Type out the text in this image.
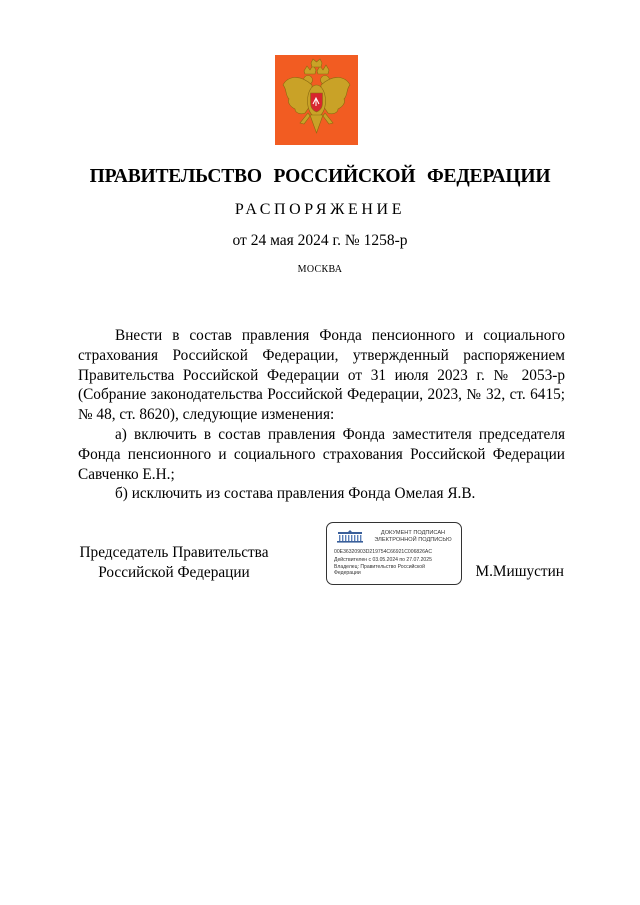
ПРАВИТЕЛЬСТВО РОССИЙСКОЙ ФЕДЕРАЦИИ
РАСПОРЯЖЕНИЕ
от 24 мая 2024 г. № 1258-р
МОСКВА

Внести в состав правления Фонда пенсионного и социального страхования Российской Федерации, утвержденный распоряжением Правительства Российской Федерации от 31 июля 2023 г. № 2053-р (Собрание законодательства Российской Федерации, 2023, № 32, ст. 6415; № 48, ст. 8620), следующие изменения:

а) включить в состав правления Фонда заместителя председателя Фонда пенсионного и социального страхования Российской Федерации Савченко Е.Н.;

б) исключить из состава правления Фонда Омелая Я.В.

Председатель Правительства
Российской Федерации	М.Мишустин
ДОКУМЕНТ ПОДПИСАН
ЭЛЕКТРОННОЙ ПОДПИСЬЮ
00E36320903D219754C66921C006826AC
Действителен с 03.05.2024 по 27.07.2025
Владелец: Правительство Российской
Федерации
